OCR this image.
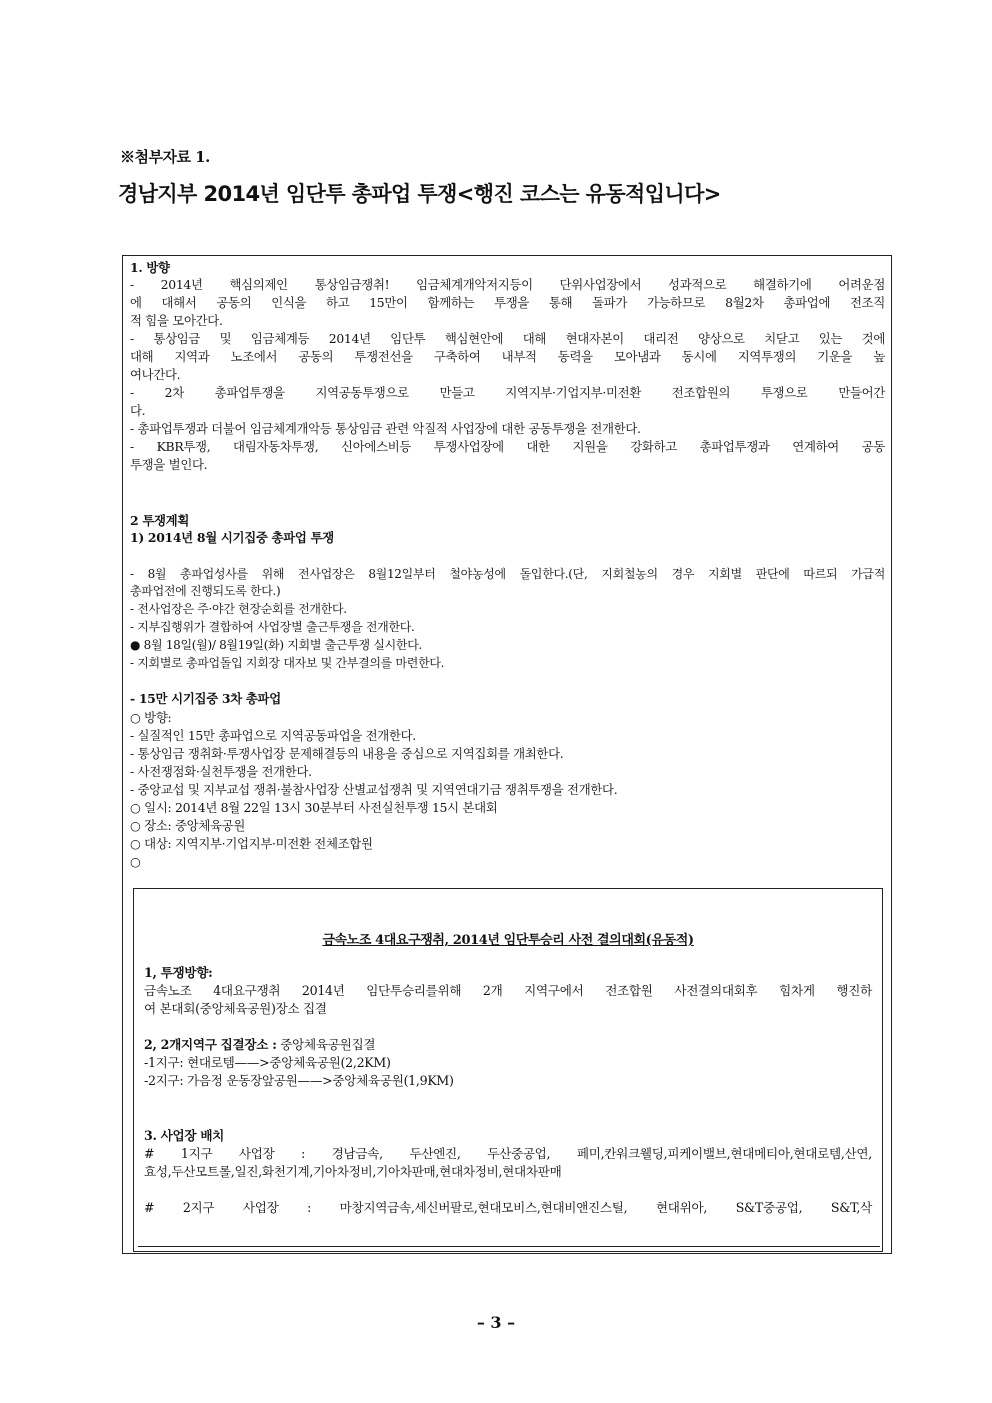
※첨부자료 1.
경남지부 2014년 임단투 총파업 투쟁<행진 코스는 유동적입니다>
1. 방향
- 2014년 핵심의제인 통상임금쟁취! 임금체계개악저지등이 단위사업장에서 성과적으로 해결하기에 어려운점
에 대해서 공동의 인식을 하고 15만이 함께하는 투쟁을 통해 돌파가 가능하므로 8월2차 총파업에 전조직
적 힘을 모아간다.
- 통상임금 및 임금체계등 2014년 임단투 핵심현안에 대해 현대자본이 대리전 양상으로 치닫고 있는 것에
대해 지역과 노조에서 공동의 투쟁전선을 구축하여 내부적 동력을 모아냄과 동시에 지역투쟁의 기운을 높
여나간다.
- 2차 총파업투쟁을 지역공동투쟁으로 만들고 지역지부·기업지부·미전환 전조합원의 투쟁으로 만들어간
다.
- 총파업투쟁과 더불어 임금체계개악등 통상임금 관련 악질적 사업장에 대한 공동투쟁을 전개한다.
- KBR투쟁, 대림자동차투쟁, 신아에스비등 투쟁사업장에 대한 지원을 강화하고 총파업투쟁과 연계하여 공동
투쟁을 벌인다.
2 투쟁계획
1) 2014년 8월 시기집중 총파업 투쟁
- 8월 총파업성사를 위해 전사업장은 8월12일부터 철야농성에 돌입한다.(단, 지회철농의 경우 지회별 판단에 따르되 가급적
총파업전에 진행되도록 한다.)
- 전사업장은 주·야간 현장순회를 전개한다.
- 지부집행위가 결합하여 사업장별 출근투쟁을 전개한다.
● 8월 18일(월)/ 8월19일(화) 지회별 출근투쟁 실시한다.
- 지회별로 총파업돌입 지회장 대자보 및 간부결의를 마련한다.
- 15만 시기집중 3차 총파업
○ 방향:
- 실질적인 15만 총파업으로 지역공동파업을 전개한다.
- 통상임금 쟁취화·투쟁사업장 문제해결등의 내용을 중심으로 지역집회를 개최한다.
- 사전쟁점화·실천투쟁을 전개한다.
- 중앙교섭 및 지부교섭 쟁취·불참사업장 산별교섭쟁취 및 지역연대기금 쟁취투쟁을 전개한다.
○ 일시: 2014년 8월 22일 13시 30분부터 사전실천투쟁 15시 본대회
○ 장소: 중앙체육공원
○ 대상: 지역지부·기업지부·미전환 전체조합원
○
금속노조 4대요구쟁취, 2014년 임단투승리 사전 결의대회(유동적)
1, 투쟁방향:
금속노조 4대요구쟁취 2014년 임단투승리를위해 2개 지역구에서 전조합원 사전결의대회후 힘차게 행진하
여 본대회(중앙체육공원)장소 집결
2, 2개지역구 집결장소 : 중앙체육공원집결
-1지구: 현대로템——>중앙체육공원(2,2KM)
-2지구: 가음정 운동장앞공원——>중앙체육공원(1,9KM)
3. 사업장 배치
# 1지구 사업장 : 경남금속, 두산엔진, 두산중공업, 페미,칸워크웰딩,피케이밸브,현대메티아,현대로템,산연,
효성,두산모트롤,일진,화천기계,기아차정비,기아차판매,현대차정비,현대차판매
# 2지구 사업장 : 마창지역금속,세신버팔로,현대모비스,현대비앤진스틸, 현대위아, S&T중공업, S&T,삭
– 3 –
